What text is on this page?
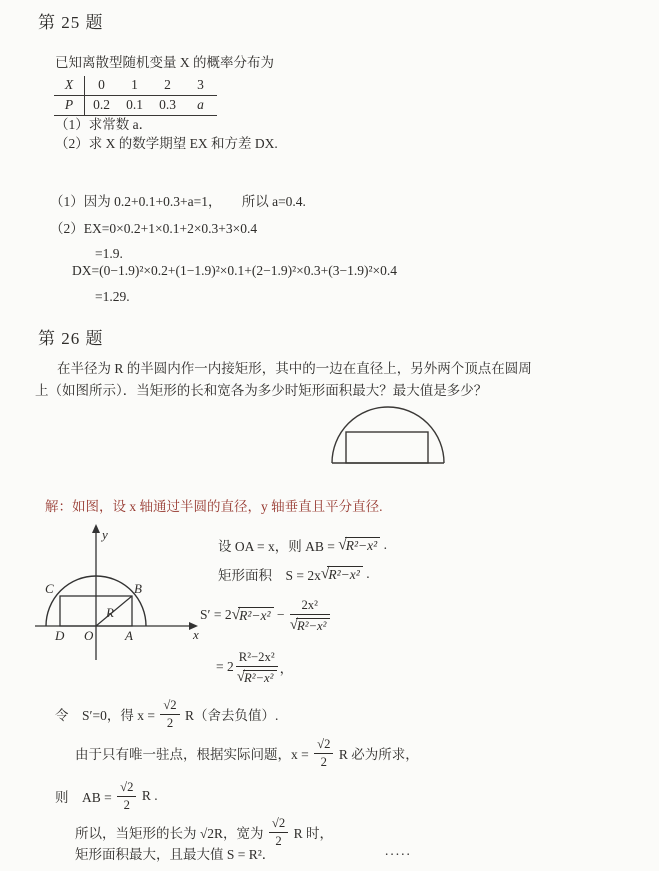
第 25 题
已知离散型随机变量 X 的概率分布为
X	0	1	2	3
P	0.2	0.1	0.3	a
（1）求常数 a．
（2）求 X 的数学期望 EX 和方差 DX.
（1）因为 0.2+0.1+0.3+a=1，      所以 a=0.4.
（2）EX=0×0.2+1×0.1+2×0.3+3×0.4
=1.9.
DX=(0−1.9)²×0.2+(1−1.9)²×0.1+(2−1.9)²×0.3+(3−1.9)²×0.4
=1.29.
第 26 题
在半径为 R 的半圆内作一内接矩形，其中的一边在直径上，另外两个顶点在圆周
上（如图所示）．当矩形的长和宽各为多少时矩形面积最大？最大值是多少？
解：如图，设 x 轴通过半圆的直径，y 轴垂直且平分直径.
y
x
O A
B
C
D
R
设 OA = x，则 AB = √ R²−x² .
矩形面积　S = 2x √ R²−x² .
S′ = 2 √ $R^2-x^2 - \frac{\text{2x²}}{\text{√ R²−x²}}$
= $2 \frac{\text{R²−2x²}}{\text{√ R²−x²}}$ ，
令　S′=0，得 $x = \frac{√2}{2} R$（舍去负值）.
由于只有唯一驻点，根据实际问题，$x = \frac{√2}{2}$ R 必为所求，
则　AB = $\frac{√2}{2}$ R .
所以，当矩形的长为 √2R，宽为 $\frac{√2}{2}$ R 时，
矩形面积最大，且最大值 S = R²．	.....
